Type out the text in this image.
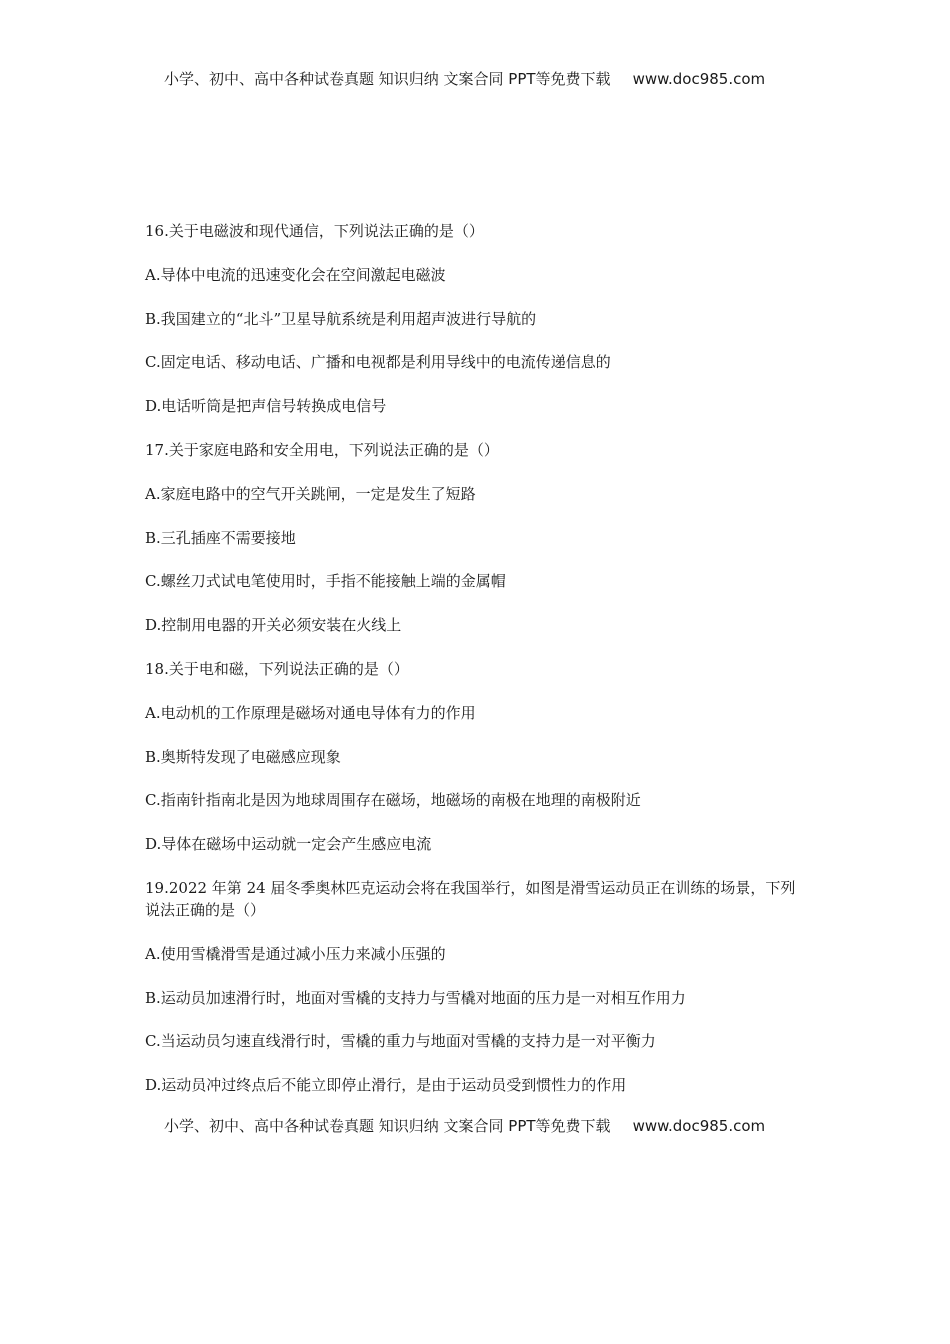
小学、初中、高中各种试卷真题 知识归纳 文案合同 PPT等免费下载 www.doc985.com
16.关于电磁波和现代通信，下列说法正确的是（）
A.导体中电流的迅速变化会在空间激起电磁波
B.我国建立的“北斗”卫星导航系统是利用超声波进行导航的
C.固定电话、移动电话、广播和电视都是利用导线中的电流传递信息的
D.电话听筒是把声信号转换成电信号
17.关于家庭电路和安全用电，下列说法正确的是（）
A.家庭电路中的空气开关跳闸，一定是发生了短路
B.三孔插座不需要接地
C.螺丝刀式试电笔使用时，手指不能接触上端的金属帽
D.控制用电器的开关必须安装在火线上
18.关于电和磁，下列说法正确的是（）
A.电动机的工作原理是磁场对通电导体有力的作用
B.奥斯特发现了电磁感应现象
C.指南针指南北是因为地球周围存在磁场，地磁场的南极在地理的南极附近
D.导体在磁场中运动就一定会产生感应电流
19.2022 年第 24 届冬季奥林匹克运动会将在我国举行，如图是滑雪运动员正在训练的场景，下列说法正确的是（）
A.使用雪橇滑雪是通过减小压力来减小压强的
B.运动员加速滑行时，地面对雪橇的支持力与雪橇对地面的压力是一对相互作用力
C.当运动员匀速直线滑行时，雪橇的重力与地面对雪橇的支持力是一对平衡力
D.运动员冲过终点后不能立即停止滑行，是由于运动员受到惯性力的作用
小学、初中、高中各种试卷真题 知识归纳 文案合同 PPT等免费下载 www.doc985.com
